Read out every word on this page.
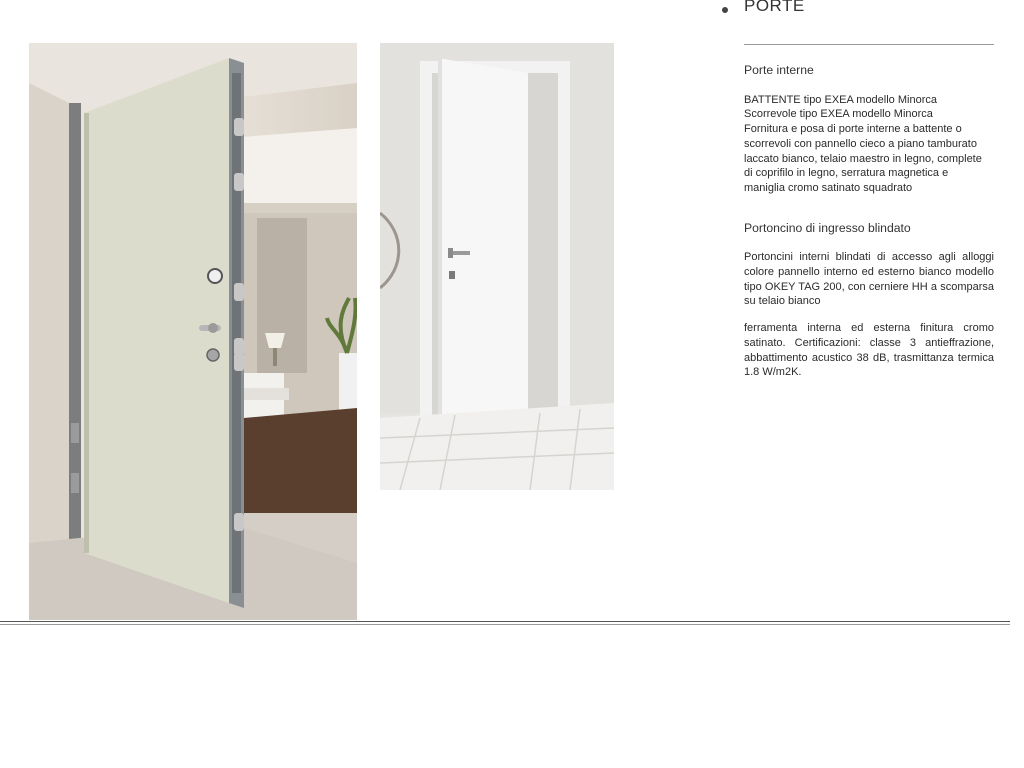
PORTE
Porte interne

BATTENTE tipo EXEA modello Minorca
Scorrevole tipo EXEA modello Minorca
Fornitura e posa di porte interne a battente o
scorrevoli con pannello cieco a piano tamburato
laccato bianco, telaio maestro in legno, complete
di coprifilo in legno, serratura magnetica e
maniglia cromo satinato squadrato

Portoncino di ingresso blindato

Portoncini interni blindati di accesso agli alloggi colore pannello interno ed esterno bianco modello tipo OKEY TAG 200, con cerniere HH a scomparsa su telaio bianco

ferramenta interna ed esterna finitura cromo satinato. Certificazioni: classe 3 antieffrazione, abbattimento acustico 38 dB, trasmittanza termica 1.8 W/m2K.
